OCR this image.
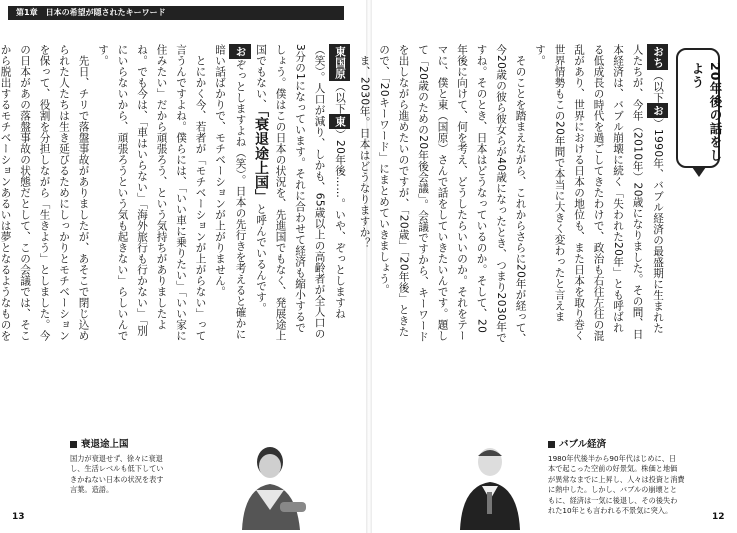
第1章　日本の希望が隠されたキーワード
20年後の話をしよう

おち（以下お）1990年、バブル経済の最盛期に生まれた人たちが、今年（2010年）20歳になりました。その間、日本経済は、バブル崩壊に続く「失われた20年」とも呼ばれる低成長の時代を過ごしてきたわけで、政治も右往左往の混乱があり、世界における日本の地位も、また日本を取り巻く世界情勢もこの20年間で本当に大きく変わったと言えます。

そのことを踏まえながら、これからさらに20年が経って、今20歳の彼ら彼女らが40歳になったとき、つまり2030年ですね。そのとき、日本はどうなっているのか。そして、20年後に向けて、何を考え、どうしたらいいのか。それをテーマに、僕と東（国原）さんで話をしていきたいんです。題して「20歳のための20年後会議」。会議ですから、キーワードを出しながら進めたいのですが、「20歳」「20年後」ときたので、「20キーワード」にまとめていきましょう。

ま、2030年。日本はどうなりますか？

東国原（以下東）20年後……。いや、ぞっとしますね（笑）。人口が減り、しかも、65歳以上の高齢者が全人口の3分の1になっています。それに合わせて経済も縮小するでしょう。僕はこの日本の状況を、先進国でもなく、発展途上国でもない、「衰退途上国」と呼んでいるんです。

おぞっとしますよね（笑）。日本の先行きを考えると確かに暗い話ばかりで、モチベーションが上がりません。

とにかく今、若者が「モチベーションが上がらない」って言うんですよね。僕らには、「いい車に乗りたい」「いい家に住みたい」だから頑張ろう、という気持ちがありましたよね。でも今は、「車はいらない」「海外旅行も行かない」「別にいらないから、頑張ろうという気も起きない」らしいんです。

先日、チリで落盤事故がありましたが、あそこで閉じ込められた人たちは生き延びるためにしっかりとモチベーションを保って、役割を分担しながら「生きよう」としました。今の日本があの落盤事故の状態だとして、この会議では、そこから脱出するモチベーションあるいは夢となるようなものを

衰退途上国
国力が衰退せず、徐々に衰退
し、生活レベルも低下してい
きかねない日本の状況を表す
言葉。造語。
バブル経済
1980年代後半から90年代はじめに、日
本で起こった空前の好景気。株価と地価
が異常なまでに上昇し、人々は投資と消費
に熱中した。しかし、バブルの崩壊とと
もに、経済は一気に後退し、その後失わ
れた10年とも言われる不景気に突入。
13	12
